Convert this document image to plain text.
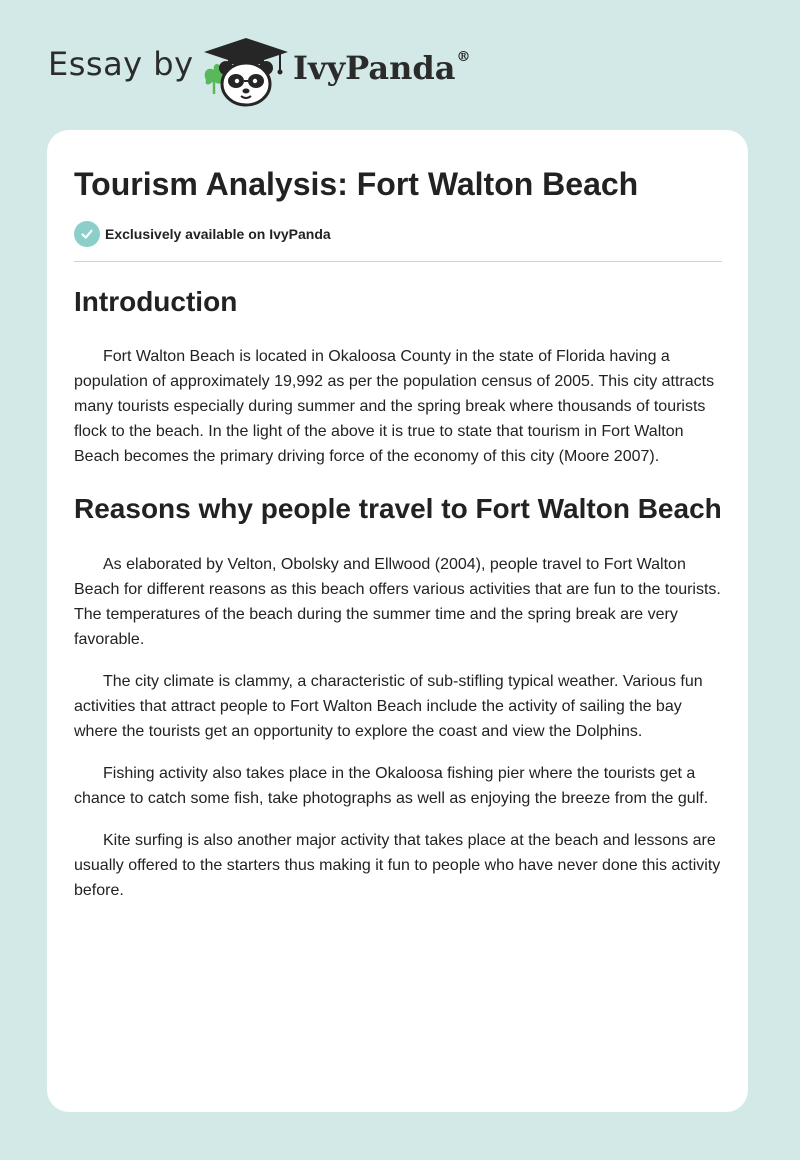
Essay by	IvyPanda®
Tourism Analysis: Fort Walton Beach
Exclusively available on IvyPanda
Introduction

Fort Walton Beach is located in Okaloosa County in the state of Florida having a population of approximately 19,992 as per the population census of 2005. This city attracts many tourists especially during summer and the spring break where thousands of tourists flock to the beach. In the light of the above it is true to state that tourism in Fort Walton Beach becomes the primary driving force of the economy of this city (Moore 2007).

Reasons why people travel to Fort Walton Beach

As elaborated by Velton, Obolsky and Ellwood (2004), people travel to Fort Walton Beach for different reasons as this beach offers various activities that are fun to the tourists. The temperatures of the beach during the summer time and the spring break are very favorable.

The city climate is clammy, a characteristic of sub-stifling typical weather. Various fun activities that attract people to Fort Walton Beach include the activity of sailing the bay where the tourists get an opportunity to explore the coast and view the Dolphins.

Fishing activity also takes place in the Okaloosa fishing pier where the tourists get a chance to catch some fish, take photographs as well as enjoying the breeze from the gulf.

Kite surfing is also another major activity that takes place at the beach and lessons are usually offered to the starters thus making it fun to people who have never done this activity before.
